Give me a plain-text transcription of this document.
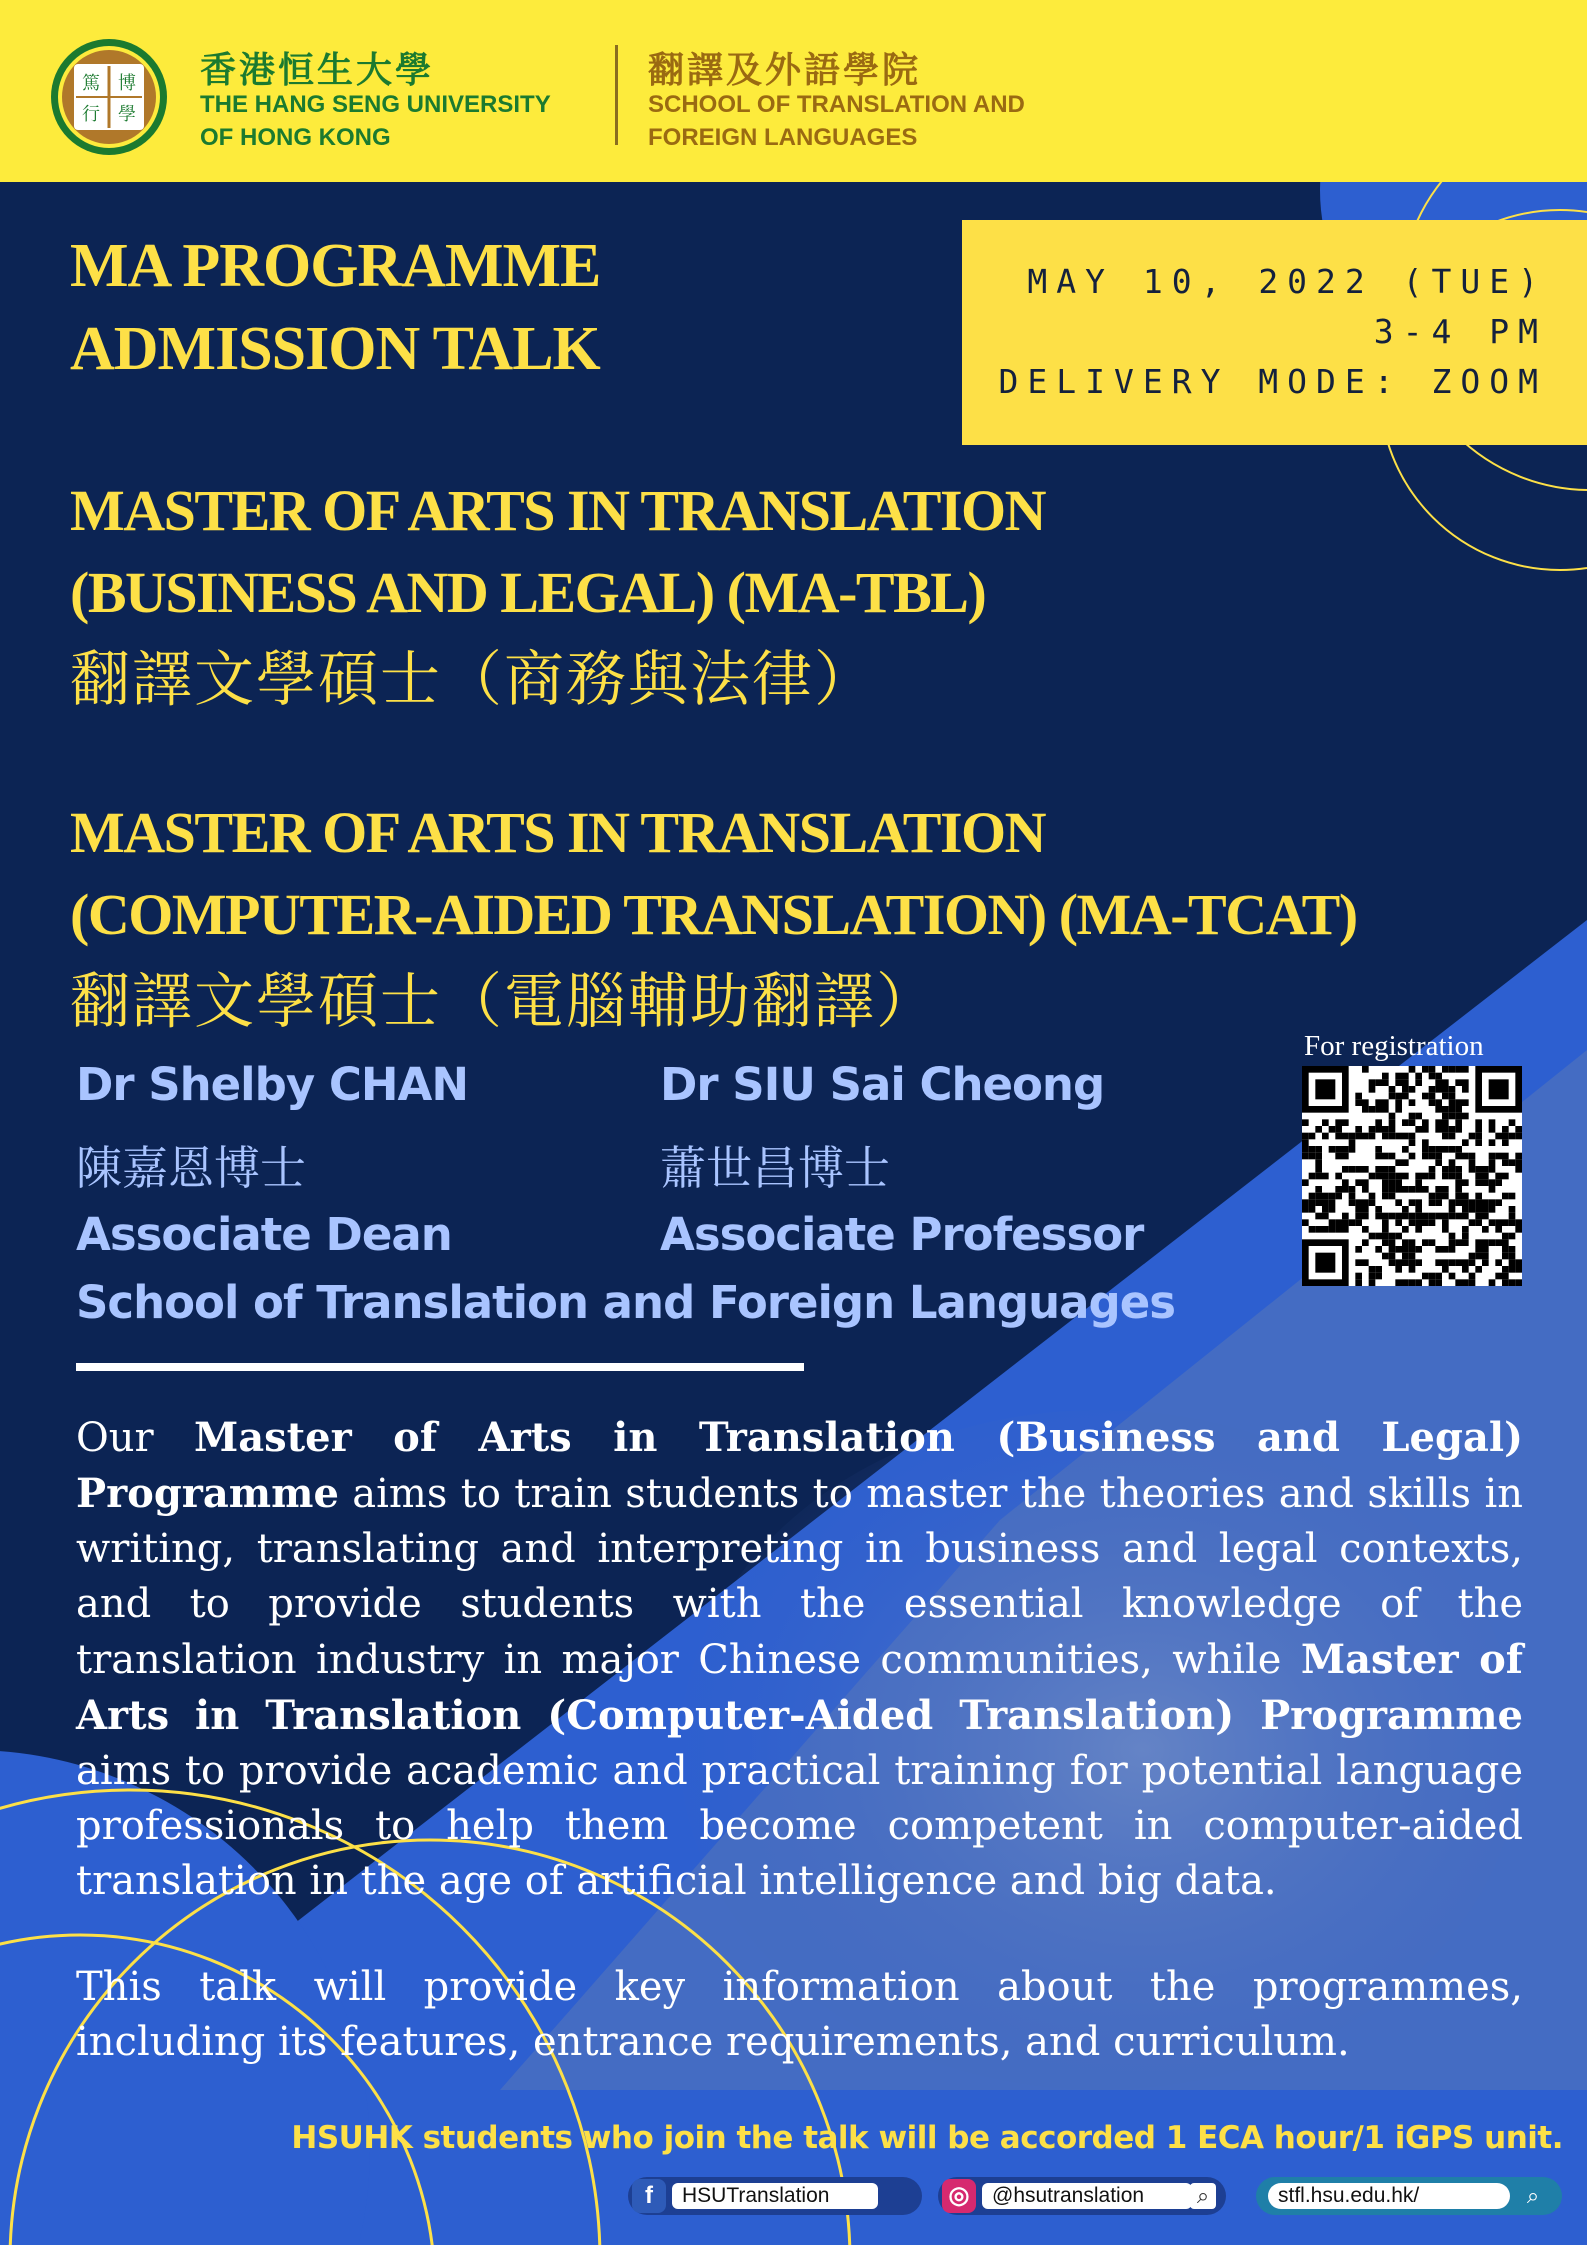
篤 博
行 學
香港恒生大學
THE HANG SENG UNIVERSITY
OF HONG KONG
翻譯及外語學院
SCHOOL OF TRANSLATION AND
FOREIGN LANGUAGES
MA PROGRAMME
ADMISSION TALK
MAY 10, 2022 (TUE)
3-4 PM
DELIVERY MODE: ZOOM
MASTER OF ARTS IN TRANSLATION
(BUSINESS AND LEGAL) (MA-TBL)
翻譯文學碩士（商務與法律）
MASTER OF ARTS IN TRANSLATION
(COMPUTER-AIDED TRANSLATION) (MA-TCAT)
翻譯文學碩士（電腦輔助翻譯）
For registration
Dr Shelby CHAN
陳嘉恩博士
Associate Dean
Dr SIU Sai Cheong
蕭世昌博士
Associate Professor
School of Translation and Foreign Languages
Our Master of Arts in Translation (Business and Legal) Programme aims to train students to master the theories and skills in writing, translating and interpreting in business and legal contexts, and to provide students with the essential knowledge of the translation industry in major Chinese communities, while Master of Arts in Translation (Computer-Aided Translation) Programme aims to provide academic and practical training for potential language professionals to help them become competent in computer-aided translation in the age of artificial intelligence and big data.
This talk will provide key information about the programmes, including its features, entrance requirements, and curriculum.
HSUHK students who join the talk will be accorded 1 ECA hour/1 iGPS unit.
f	HSUTranslation	◎	@hsutranslation	⌕	stfl.hsu.edu.hk/	⌕
